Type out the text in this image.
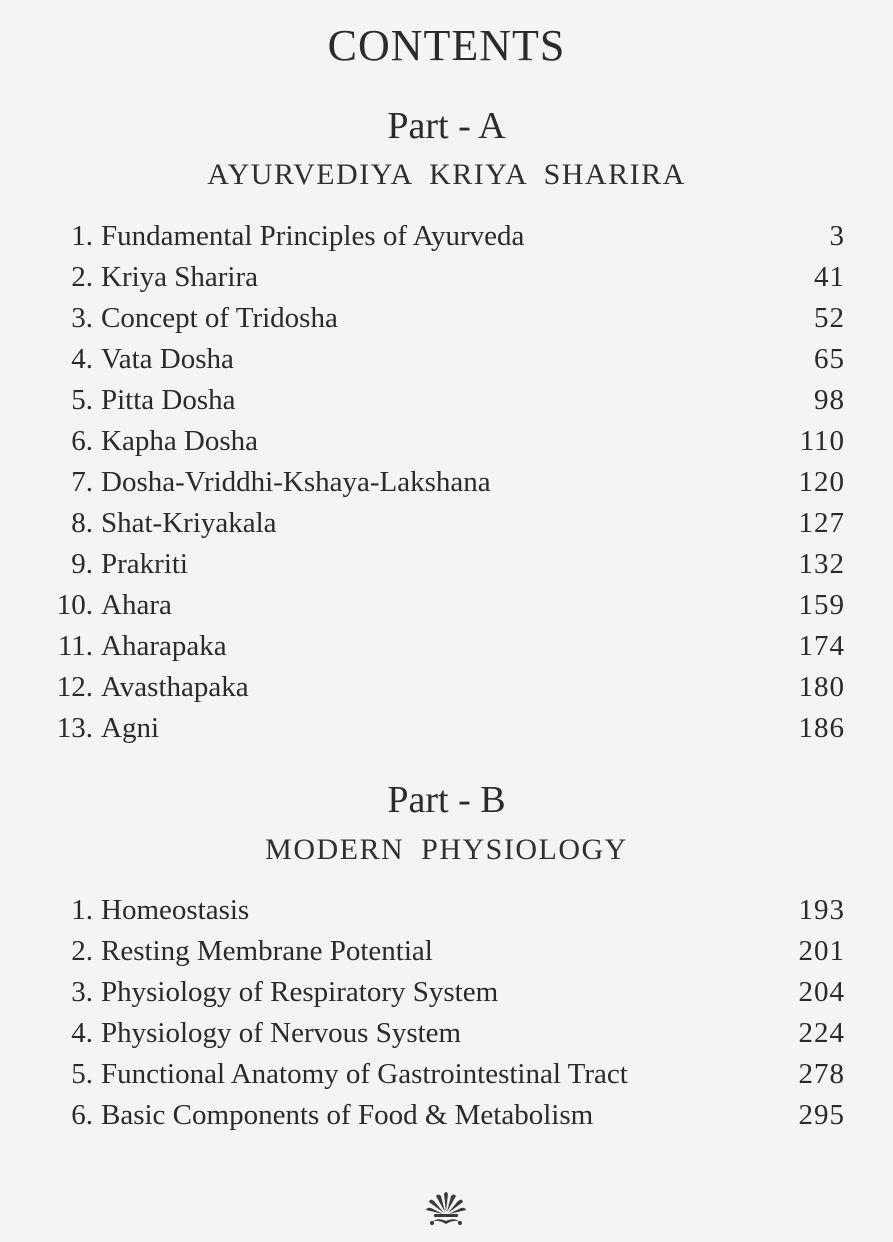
CONTENTS
Part - A
AYURVEDIYA KRIYA SHARIRA
1. Fundamental Principles of Ayurveda	3
2. Kriya Sharira	41
3. Concept of Tridosha	52
4. Vata Dosha	65
5. Pitta Dosha	98
6. Kapha Dosha	110
7. Dosha-Vriddhi-Kshaya-Lakshana	120
8. Shat-Kriyakala	127
9. Prakriti	132
10. Ahara	159
11. Aharapaka	174
12. Avasthapaka	180
13. Agni	186
Part - B
MODERN PHYSIOLOGY
1. Homeostasis	193
2. Resting Membrane Potential	201
3. Physiology of Respiratory System	204
4. Physiology of Nervous System	224
5. Functional Anatomy of Gastrointestinal Tract	278
6. Basic Components of Food & Metabolism	295
